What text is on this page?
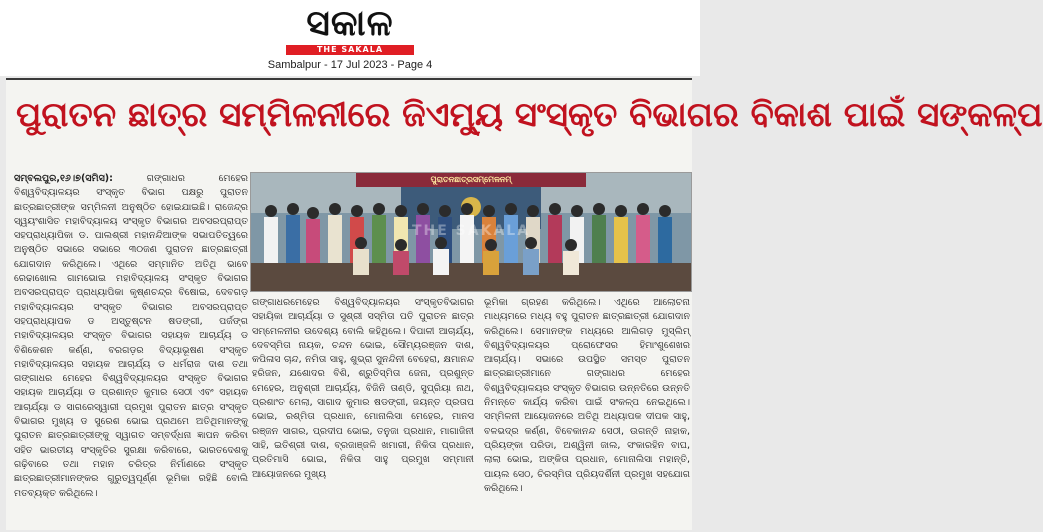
ସକାଳ
THE SAKALA
Sambalpur - 17 Jul 2023 - Page 4
ପୁରାତନ ଛାତ୍ର ସମ୍ମିଳନୀରେ ଜିଏମ୍ୟୁ ସଂସ୍କୃତ ବିଭାଗର ବିକାଶ ପାଇଁ ସଙ୍କଳ୍ପ
ସମ୍ବଲପୁର,୧୬।୭(ସମିସ):	ଗଙ୍ଗାଧର ମେହେର ବିଶ୍ୱବିଦ୍ୟାଳୟର ସଂସ୍କୃତ ବିଭାଗ ପକ୍ଷରୁ ପୁରାତନ ଛାତ୍ରଛାତ୍ରୀଙ୍କ ସମ୍ମିଳନୀ ଅନୁଷ୍ଠିତ ହୋଇଯାଇଛି। ରାଜେନ୍ଦ୍ର ସ୍ୱୟଂଶାସିତ ମହାବିଦ୍ୟାଳୟ ସଂସ୍କୃତ ବିଭାଗର ଅବସରପ୍ରାପ୍ତ ସହପ୍ରାଧ୍ୟାପିକା ଡ. ପାଲଶ୍ରୀ ମହାନନ୍ଦିଆଙ୍କ ସଭାପତିତ୍ୱରେ ଅନୁଷ୍ଠିତ ସଭାରେ ସଭାରେ ୩୦ଜଣ ପୁରାତନ ଛାତ୍ରଛାତ୍ରୀ ଯୋଗଦାନ କରିଥିଲେ। ଏଥିରେ ସମ୍ମାନିତ ଅତିଥି ଭାବେ ରେଢାଖୋଲ ଗାମଭୋଇ ମହାବିଦ୍ୟାଳୟ ସଂସ୍କୃତ ବିଭାଗର ଅବସରପ୍ରାପ୍ତ ପ୍ରାଧ୍ୟାପିକା କୃଷ୍ଣଚନ୍ଦ୍ର ବିଷୋଇ, ଦେବଗଡ଼ ମହାବିଦ୍ୟାଳୟର ସଂସ୍କୃତ ବିଭାଗର ଅବସରପ୍ରାପ୍ତ ସହପ୍ରାଧ୍ୟାପକ ଡ ଅସ୍ତୁଷ୍ଟନ ଷଡଙ୍ଗୀ, ପର୍ଜଙ୍ଗ ମହାବିଦ୍ୟାଳୟର ସଂସ୍କୃତ ବିଭାଗର ସହାୟକ ଆଚାର୍ଯ୍ୟ ଡ ବିଶିକେଶନ କର୍ଣ୍ଣ, ବରଗଡ଼ର ବିଦ୍ୟାଭୂଷଣ ସଂସ୍କୃତ ମହାବିଦ୍ୟାଳୟର ସହାୟକ ଆଚାର୍ଯ୍ୟ ଡ ଧର୍ମରାଜ ଦାଶ ତଥା ଗଙ୍ଗାଧର ମେହେର ବିଶ୍ୱବିଦ୍ୟାଳୟର ସଂସ୍କୃତ ବିଭାଗର ସହାୟକ ଆଚାର୍ଯ୍ୟା ଡ ପ୍ରଶାନ୍ତ କୁମାର ସେଠୀ ଏବଂ ସହାୟକ ଆଚାର୍ଯ୍ୟା ଡ ସାଗରେସ୍ୱାରୀ ପ୍ରମୁଖ ପୁରାତନ ଛାତ୍ର ସଂସ୍କୃତ ବିଭାଗର ମୁଖ୍ୟ ଡ ସୁରେଶ ଭୋଇ ପ୍ରଥମେ ଅତିଥିମାନଙ୍କୁ ପୁରାତନ ଛାତ୍ରଛାତ୍ରୀଙ୍କୁ ସ୍ୱାଗତ ସମ୍ବର୍ଦ୍ଧନା ଜ୍ଞାପନ କରିବା ସହିତ ଭାରତୀୟ ସଂସ୍କୃତିର ସୁରକ୍ଷା କରିବାରେ, ଭାରତଦେଶକୁ ଗଢ଼ିବାରେ ତଥା ମହାନ ଚରିତ୍ର ନିର୍ମାଣରେ ସଂସ୍କୃତ ଛାତ୍ରଛାତ୍ରୀମାନଙ୍କର ଗୁରୁତ୍ୱପୂର୍ଣ୍ଣ ଭୂମିକା ରହିଛି ବୋଲି ମତବ୍ୟକ୍ତ କରିଥିଲେ।
ପୁରାତନଛାତ୍ରସମ୍ମେଳନମ୍
THE SAKALA
ଗଙ୍ଗାଧରମେହେର ବିଶ୍ୱବିଦ୍ୟାଳୟର ସଂସ୍କୃତବିଭାଗର ସହାୟିକା ଆଚାର୍ଯ୍ୟା ଡ ସୁଶ୍ରୀ ସସ୍ମିତା ପତି ପୁରାତନ ଛାତ୍ର ସମ୍ମେଳନୀର ଉଦେଶ୍ୟ ବୋଲି କହିଥିଲେ। ଦିପାଳୀ ଆଚାର୍ଯ୍ୟ, ଦେବସ୍ମିତା ନାୟକ, ଚନ୍ଦନ ଭୋଇ, ସୌମ୍ୟରଞ୍ଜନ ଦାଶ, କପିଳାସ ଚାନ୍ଦ, ନମିତା ସାହୁ, ଶୁଭ୍ରା ସୁନନ୍ଦିନୀ ବେହେରା, କ୍ଷମାନନ୍ଦ ହରିଜନ, ଯଶୋଦର ବିଶି, ଶ୍ରୁତିସ୍ମିତା ଜେନା, ପ୍ରଶୁନ୍ତ ମେହେର, ଅନୁଶ୍ରୀ ଆଚାର୍ଯ୍ୟ, ବିଜିନି ତାଣ୍ଡି, ସୁପ୍ରିୟା ନାଥ, ପ୍ରଶାଂତ ମେଲା, ସାଗାଦ କୁମାର ଷଡଙ୍ଗୀ, ଜୟନ୍ତ ପ୍ରତାପ ଭୋଇ, ରଶ୍ମିତା ପ୍ରଧାନ, ମୋନାଲିସା ମେହେର, ମାନସ ରଞ୍ଜନ ସାଗର, ପ୍ରଦୀପ ଭୋଇ, ତନୁଜା ପ୍ରଧାନ, ମାଗାଜିନୀ ସାହି, ଇତିଶ୍ରୀ ଦାଶ, ବ୍ରଜାଞ୍ଜଳି ଖମାରୀ, ନିକିତା ପ୍ରଧାନ, ପ୍ରତିମାସି ଭୋଇ, ନିକିତା ସାହୁ ପ୍ରମୁଖ ସମ୍ମାନୀ ଆୟୋଜନରେ ମୁଖ୍ୟ
ଭୂମିକା ଗ୍ରହଣ କରିଥିଲେ। ଏଥିରେ ଆଲୋଚନା ମାଧ୍ୟମରେ ମଧ୍ୟ ବହୁ ପୁରାତନ ଛାତ୍ରଛାତ୍ରୀ ଯୋଗଦାନ କରିଥିଲେ। ସେମାନଙ୍କ ମଧ୍ୟରେ ଆଲିଗଡ଼ ମୁସ୍ଲିମ୍ ବିଶ୍ୱବିଦ୍ୟାଳୟର ପ୍ରୋଫେସର ହିମାଂଶୁଶେଖର ଆଚାର୍ଯ୍ୟ। ସଭାରେ ଉପସ୍ଥିତ ସମସ୍ତ ପୁରାତନ ଛାତ୍ରଛାତ୍ରୀମାନେ ଗଙ୍ଗାଧର ମେହେର ବିଶ୍ୱବିଦ୍ୟାଳୟର ସଂସ୍କୃତ ବିଭାଗର ଉନ୍ନତିରେ ଉନ୍ନତି ନିମନ୍ତେ କାର୍ଯ୍ୟ କରିବା ପାଇଁ ସଂକଳ୍ପ ନେଇଥିଲେ। ସମ୍ମିଳନୀ ଆୟୋଜନରେ ଅତିଥି ଅଧ୍ୟାପକ ଦୀପକ ସାହୁ, ବଳଭଦ୍ର କର୍ଣ୍ଣ, ବିବେକାନନ୍ଦ ସେଠୀ, ଉଗନ୍ତି ନାହାକ, ପ୍ରିୟଙ୍କା ପରିଡା, ଅଶ୍ୱିନୀ ଜାଲ, ସଂକାରହିନ ବାଘ, ଲାଲା ଭୋଇ, ଅଙ୍କିତା ପ୍ରଧାନ, ମୋନାଲିସା ମହାନ୍ତି, ପାୟଲ ସେଠ, ଚିରସ୍ମିତା ପ୍ରିୟଦର୍ଶିନୀ ପ୍ରମୁଖ ସହଯୋଗ କରିଥିଲେ।
